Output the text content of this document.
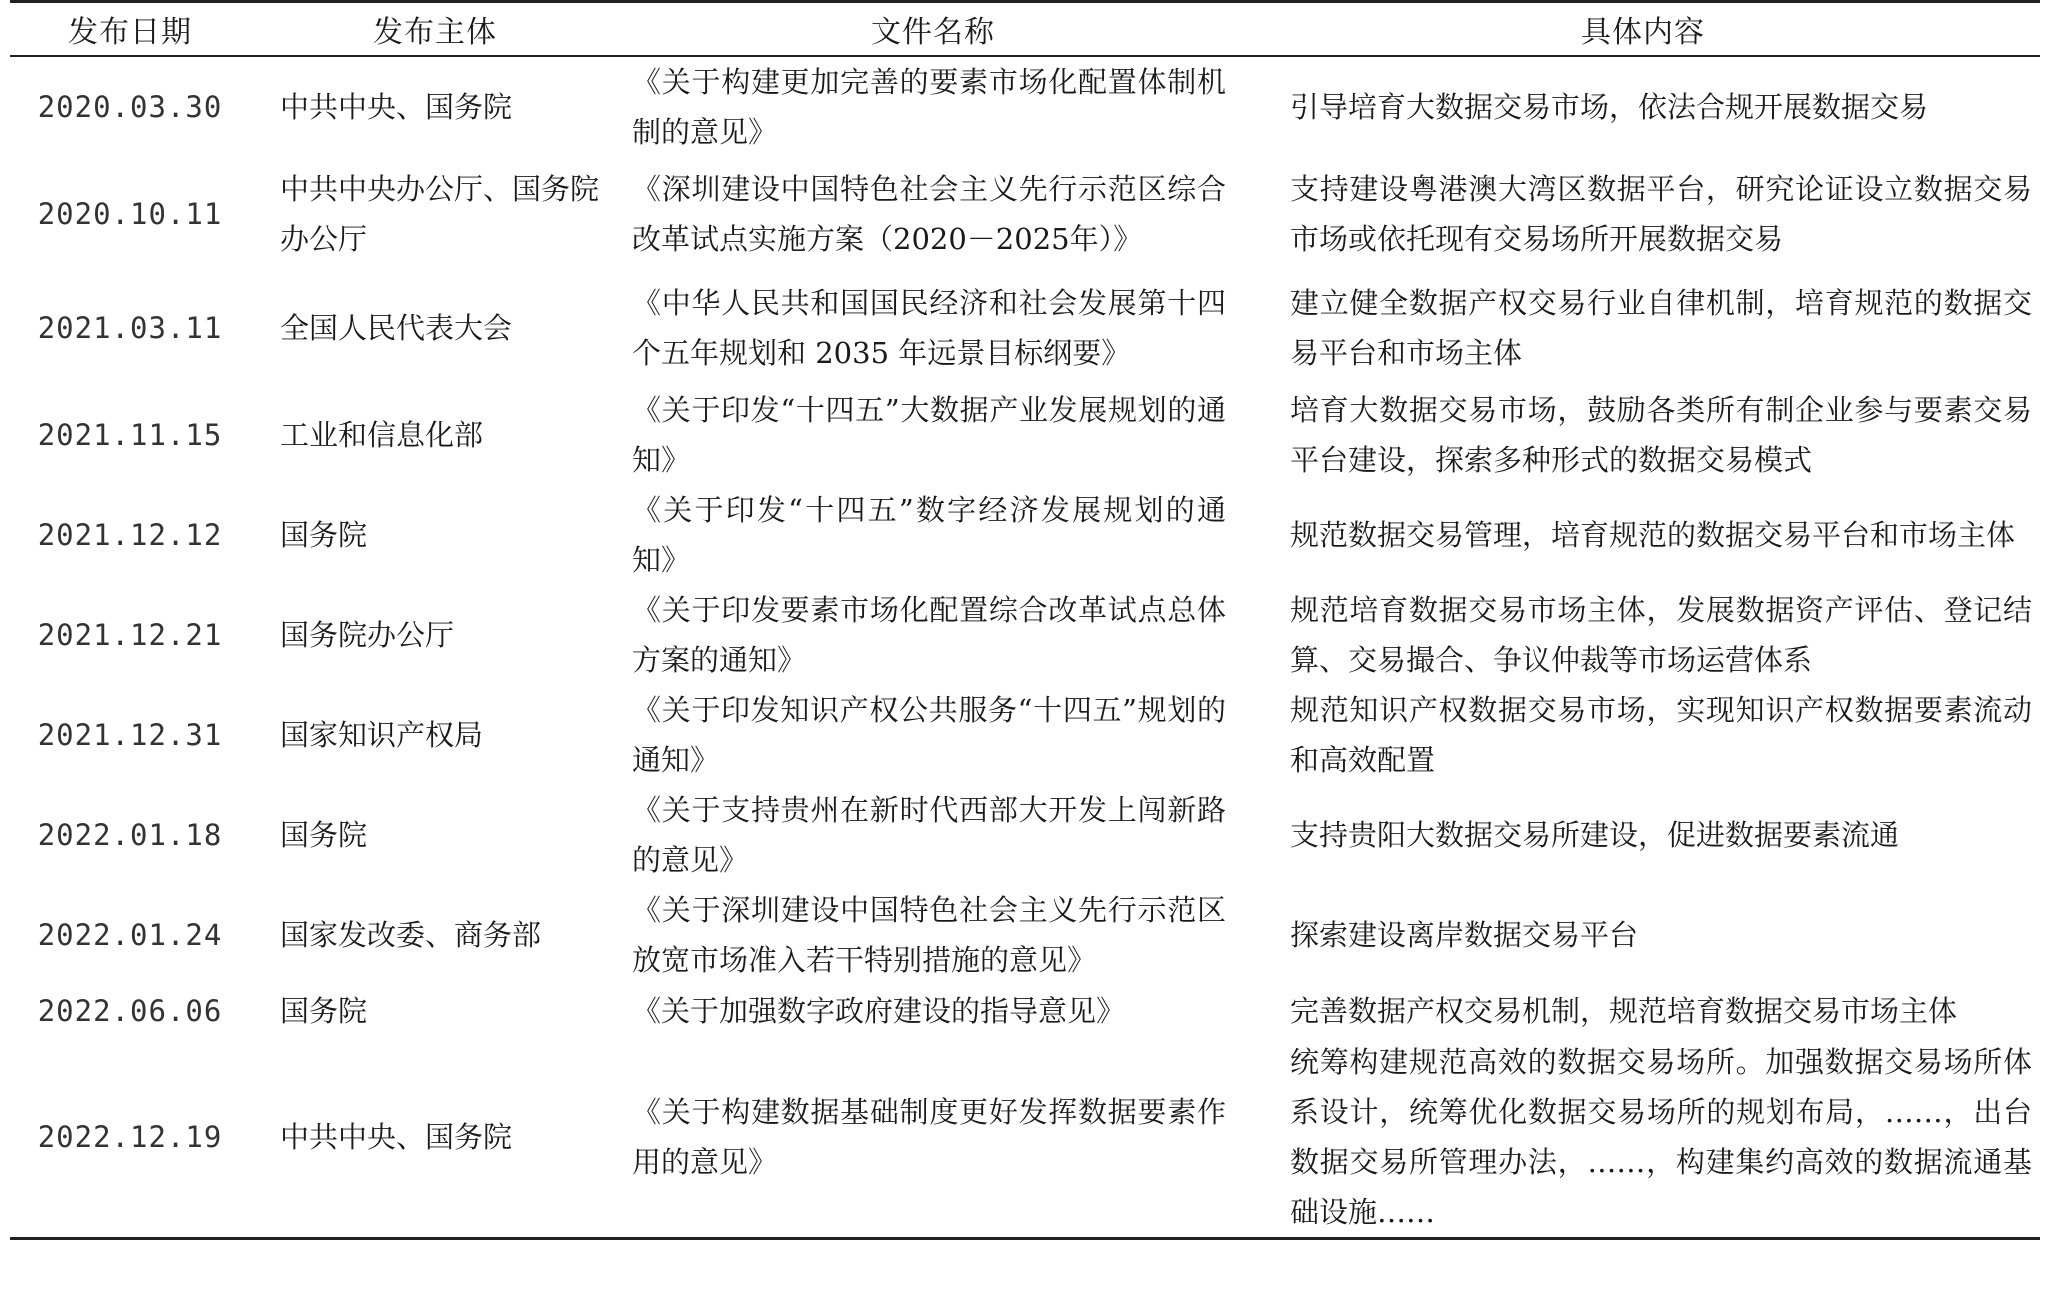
发布日期	发布主体	文件名称	具体内容
2020.03.30	中共中央、国务院	《关于构建更加完善的要素市场化配置体制机制的意见》	引导培育大数据交易市场，依法合规开展数据交易
2020.10.11	中共中央办公厅、国务院办公厅	《深圳建设中国特色社会主义先行示范区综合改革试点实施方案（2020－2025年）》	支持建设粤港澳大湾区数据平台，研究论证设立数据交易市场或依托现有交易场所开展数据交易
2021.03.11	全国人民代表大会	《中华人民共和国国民经济和社会发展第十四个五年规划和 2035 年远景目标纲要》	建立健全数据产权交易行业自律机制，培育规范的数据交易平台和市场主体
2021.11.15	工业和信息化部	《关于印发“十四五”大数据产业发展规划的通知》	培育大数据交易市场，鼓励各类所有制企业参与要素交易平台建设，探索多种形式的数据交易模式
2021.12.12	国务院	《关于印发“十四五”数字经济发展规划的通知》	规范数据交易管理，培育规范的数据交易平台和市场主体
2021.12.21	国务院办公厅	《关于印发要素市场化配置综合改革试点总体方案的通知》	规范培育数据交易市场主体，发展数据资产评估、登记结算、交易撮合、争议仲裁等市场运营体系
2021.12.31	国家知识产权局	《关于印发知识产权公共服务“十四五”规划的通知》	规范知识产权数据交易市场，实现知识产权数据要素流动和高效配置
2022.01.18	国务院	《关于支持贵州在新时代西部大开发上闯新路的意见》	支持贵阳大数据交易所建设，促进数据要素流通
2022.01.24	国家发改委、商务部	《关于深圳建设中国特色社会主义先行示范区放宽市场准入若干特别措施的意见》	探索建设离岸数据交易平台
2022.06.06	国务院	《关于加强数字政府建设的指导意见》	完善数据产权交易机制，规范培育数据交易市场主体
2022.12.19	中共中央、国务院	《关于构建数据基础制度更好发挥数据要素作用的意见》	统筹构建规范高效的数据交易场所。加强数据交易场所体系设计，统筹优化数据交易场所的规划布局，……，出台数据交易所管理办法，……，构建集约高效的数据流通基础设施……
